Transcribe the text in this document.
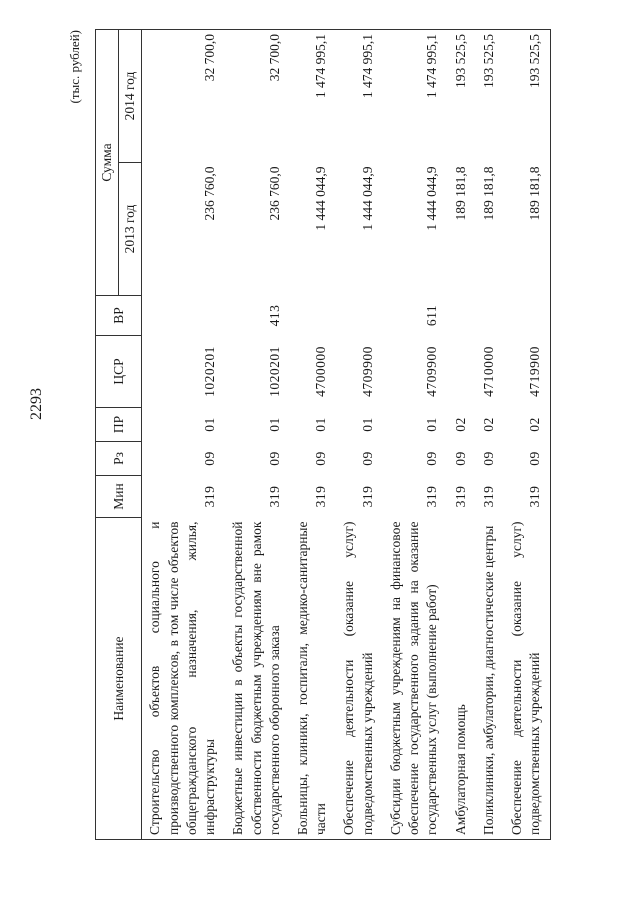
2293
(тыс. рублей)
Наименование	Мин	Рз	ПР	ЦСР	ВР	Сумма	
						2013 год	2014 год
Строительство объектов социального и производственного комплексов, в том числе объектов общегражданского назначения, жилья, инфраструктуры	319	09	01	1020201		236 760,0	32 700,0
Бюджетные инвестиции в объекты государственной собственности бюджетным учреждениям вне рамок государственного оборонного заказа	319	09	01	1020201	413	236 760,0	32 700,0
Больницы, клиники, госпитали, медико-санитарные части	319	09	01	4700000		1 444 044,9	1 474 995,1
Обеспечение деятельности (оказание услуг) подведомственных учреждений	319	09	01	4709900		1 444 044,9	1 474 995,1
Субсидии бюджетным учреждениям на финансовое обеспечение государственного задания на оказание государственных услуг (выполнение работ)	319	09	01	4709900	611	1 444 044,9	1 474 995,1
Амбулаторная помощь	319	09	02			189 181,8	193 525,5
Поликлиники, амбулатории, диагностические центры	319	09	02	4710000		189 181,8	193 525,5
Обеспечение деятельности (оказание услуг) подведомственных учреждений	319	09	02	4719900		189 181,8	193 525,5
